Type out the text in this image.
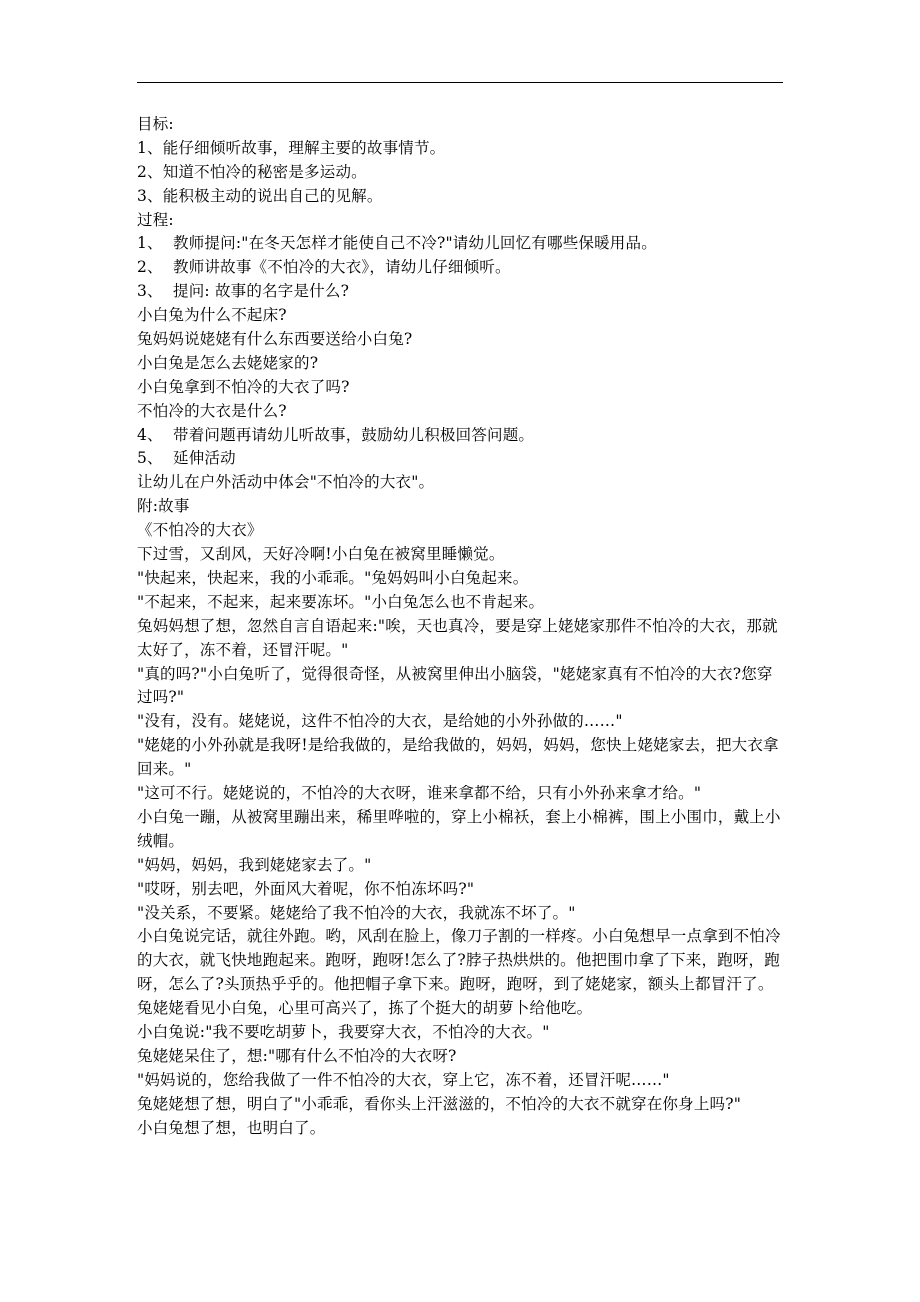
目标:
1、能仔细倾听故事，理解主要的故事情节。
2、知道不怕冷的秘密是多运动。
3、能积极主动的说出自己的见解。
过程:
1、  教师提问:"在冬天怎样才能使自己不冷?"请幼儿回忆有哪些保暖用品。
2、  教师讲故事《不怕冷的大衣》，请幼儿仔细倾听。
3、  提问: 故事的名字是什么?
小白兔为什么不起床?
兔妈妈说姥姥有什么东西要送给小白兔?
小白兔是怎么去姥姥家的?
小白兔拿到不怕冷的大衣了吗?
不怕冷的大衣是什么?
4、  带着问题再请幼儿听故事，鼓励幼儿积极回答问题。
5、  延伸活动
让幼儿在户外活动中体会"不怕冷的大衣"。
附:故事
《不怕冷的大衣》
下过雪，又刮风，天好冷啊!小白兔在被窝里睡懒觉。
"快起来，快起来，我的小乖乖。"兔妈妈叫小白兔起来。
"不起来，不起来，起来要冻坏。"小白兔怎么也不肯起来。
兔妈妈想了想，忽然自言自语起来:"唉，天也真冷，要是穿上姥姥家那件不怕冷的大衣，那就太好了，冻不着，还冒汗呢。"
"真的吗?"小白兔听了，觉得很奇怪，从被窝里伸出小脑袋，"姥姥家真有不怕冷的大衣?您穿过吗?"
"没有，没有。姥姥说，这件不怕冷的大衣，是给她的小外孙做的……"
"姥姥的小外孙就是我呀!是给我做的，是给我做的，妈妈，妈妈，您快上姥姥家去，把大衣拿回来。"
"这可不行。姥姥说的，不怕冷的大衣呀，谁来拿都不给，只有小外孙来拿才给。"
小白兔一蹦，从被窝里蹦出来，稀里哗啦的，穿上小棉袄，套上小棉裤，围上小围巾，戴上小绒帽。
"妈妈，妈妈，我到姥姥家去了。"
"哎呀，别去吧，外面风大着呢，你不怕冻坏吗?"
"没关系，不要紧。姥姥给了我不怕冷的大衣，我就冻不坏了。"
小白兔说完话，就往外跑。哟，风刮在脸上，像刀子割的一样疼。小白兔想早一点拿到不怕冷的大衣，就飞快地跑起来。跑呀，跑呀!怎么了?脖子热烘烘的。他把围巾拿了下来，跑呀，跑呀，怎么了?头顶热乎乎的。他把帽子拿下来。跑呀，跑呀，到了姥姥家，额头上都冒汗了。
兔姥姥看见小白兔，心里可高兴了，拣了个挺大的胡萝卜给他吃。
小白兔说:"我不要吃胡萝卜，我要穿大衣，不怕冷的大衣。"
兔姥姥呆住了，想:"哪有什么不怕冷的大衣呀?
"妈妈说的，您给我做了一件不怕冷的大衣，穿上它，冻不着，还冒汗呢……"
兔姥姥想了想，明白了"小乖乖，看你头上汗滋滋的，不怕冷的大衣不就穿在你身上吗?"
小白兔想了想，也明白了。
